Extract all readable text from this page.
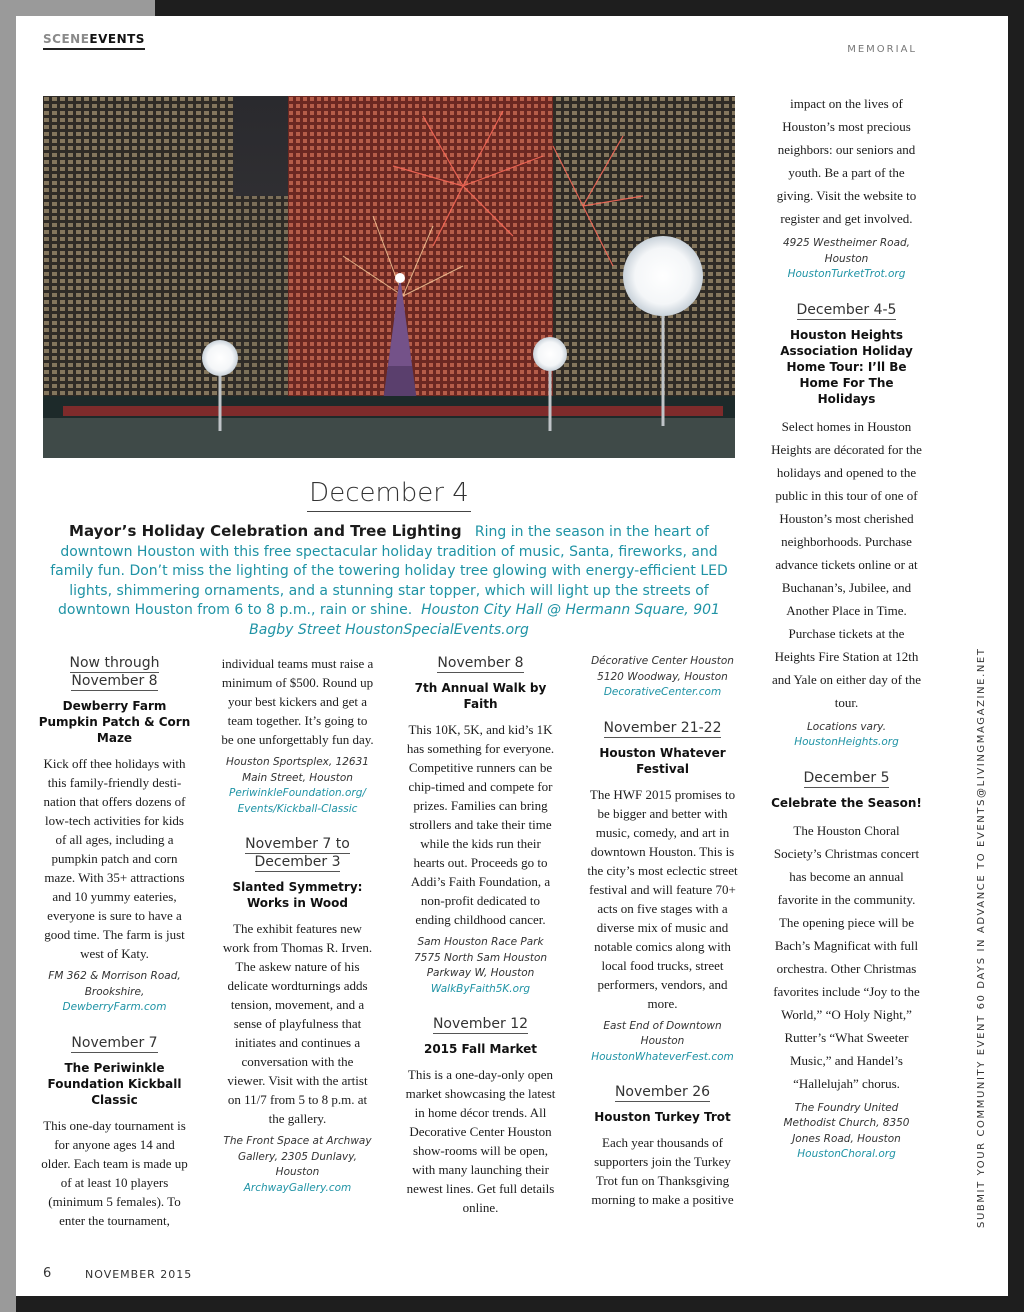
SCENEEVENTS
MEMORIAL
December 4
Mayor’s Holiday Celebration and Tree Lighting Ring in the season in the heart of downtown Houston with this free spectacular holiday tradition of music, Santa, fireworks, and family fun. Don’t miss the lighting of the towering holiday tree glowing with energy-efficient LED lights, shimmering ornaments, and a stunning star topper, which will light up the streets of downtown Houston from 6 to 8 p.m., rain or shine. Houston City Hall @ Hermann Square, 901 Bagby Street HoustonSpecialEvents.org
Now through November 8
Dewberry Farm Pumpkin Patch & Corn Maze
Kick off thee holidays with this family-friendly desti-nation that offers dozens of low-tech activities for kids of all ages, including a pumpkin patch and corn maze. With 35+ attractions and 10 yummy eateries, everyone is sure to have a good time. The farm is just west of Katy.
FM 362 & Morrison Road, Brookshire,
DewberryFarm.com
November 7
The Periwinkle Foundation Kickball Classic
This one-day tournament is for anyone ages 14 and older. Each team is made up of at least 10 players (minimum 5 females). To enter the tournament,
individual teams must raise a minimum of $500. Round up your best kickers and get a team together. It’s going to be one unforgettably fun day.
Houston Sportsplex, 12631 Main Street, Houston
PeriwinkleFoundation.org/ Events/Kickball-Classic
November 7 to December 3
Slanted Symmetry: Works in Wood
The exhibit features new work from Thomas R. Irven. The askew nature of his delicate wordturnings adds tension, movement, and a sense of playfulness that initiates and continues a conversation with the viewer. Visit with the artist on 11/7 from 5 to 8 p.m. at the gallery.
The Front Space at Archway Gallery, 2305 Dunlavy, Houston
ArchwayGallery.com
November 8
7th Annual Walk by Faith
This 10K, 5K, and kid’s 1K has something for everyone. Competitive runners can be chip-timed and compete for prizes. Families can bring strollers and take their time while the kids run their hearts out. Proceeds go to Addi’s Faith Foundation, a non-profit dedicated to ending childhood cancer.
Sam Houston Race Park 7575 North Sam Houston Parkway W, Houston
WalkByFaith5K.org
November 12
2015 Fall Market
This is a one-day-only open market showcasing the latest in home décor trends. All Decorative Center Houston show-rooms will be open, with many launching their newest lines. Get full details online.
Décorative Center Houston 5120 Woodway, Houston
DecorativeCenter.com
November 21-22
Houston Whatever Festival
The HWF 2015 promises to be bigger and better with music, comedy, and art in downtown Houston. This is the city’s most eclectic street festival and will feature 70+ acts on five stages with a diverse mix of music and notable comics along with local food trucks, street performers, vendors, and more.
East End of Downtown Houston
HoustonWhateverFest.com
November 26
Houston Turkey Trot
Each year thousands of supporters join the Turkey Trot fun on Thanksgiving morning to make a positive
impact on the lives of Houston’s most precious neighbors: our seniors and youth. Be a part of the giving. Visit the website to register and get involved.
4925 Westheimer Road, Houston HoustonTurketTrot.org
December 4-5
Houston Heights Association Holiday Home Tour: I’ll Be Home For The Holidays
Select homes in Houston Heights are décorated for the holidays and opened to the public in this tour of one of Houston’s most cherished neighborhoods. Purchase advance tickets online or at Buchanan’s, Jubilee, and Another Place in Time. Purchase tickets at the Heights Fire Station at 12th and Yale on either day of the tour.
Locations vary.
HoustonHeights.org
December 5
Celebrate the Season!
The Houston Choral Society’s Christmas concert has become an annual favorite in the community. The opening piece will be Bach’s Magnificat with full orchestra. Other Christmas favorites include “Joy to the World,” “O Holy Night,” Rutter’s “What Sweeter Music,” and Handel’s “Hallelujah” chorus.
The Foundry United Methodist Church, 8350 Jones Road, Houston
HoustonChoral.org	SUBMIT YOUR COMMUNITY EVENT 60 DAYS IN ADVANCE TO EVENTS@LIVINGMAGAZINE.NET
6	NOVEMBER 2015
